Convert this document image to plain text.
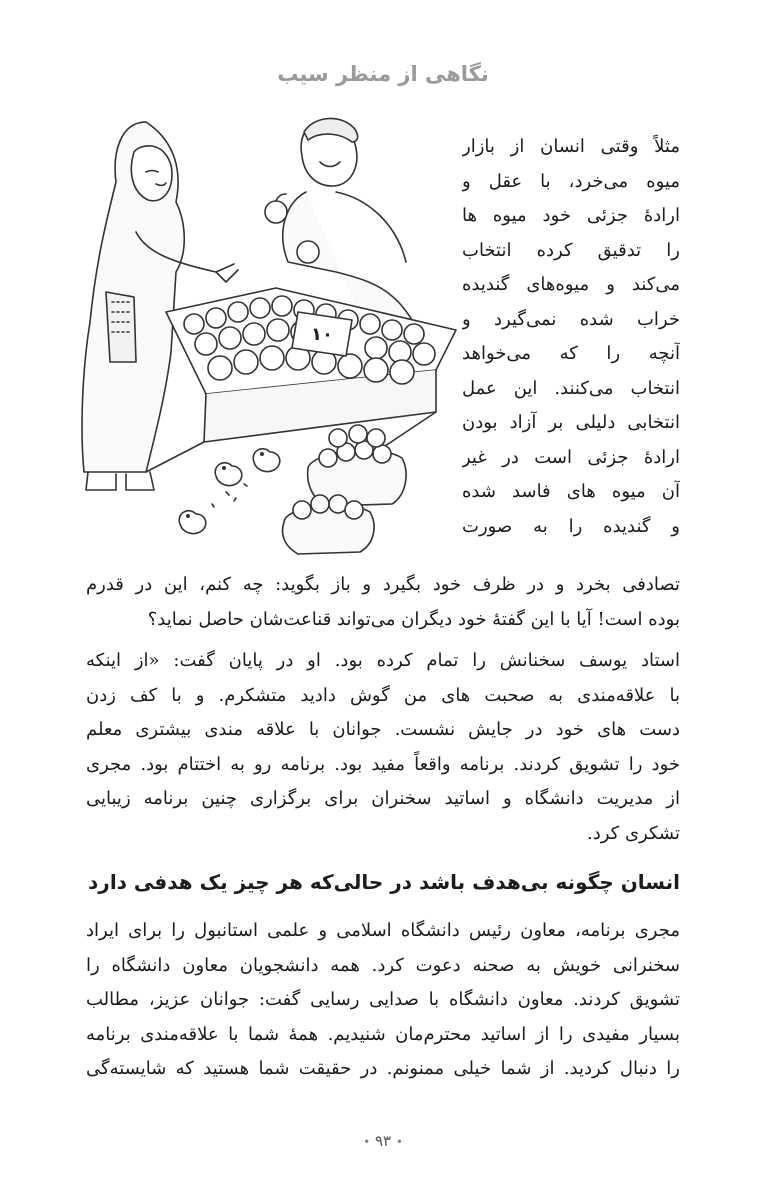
نگاهی از منظر سیب
۱۰
مثلاً وقتی انسان از بازار
میوه می‌خرد، با عقل و
ارادهٔ جزئی خود میوه ها
را تدقیق کرده انتخاب
می‌کند و میوه‌های گندیده
خراب شده نمی‌گیرد و
آنچه را که می‌خواهد
انتخاب می‌کنند. این عمل
انتخابی دلیلی بر آزاد بودن
ارادهٔ جزئی است در غیر
آن میوه های فاسد شده
و گندیده را به صورت
تصادفی بخرد و در ظرف خود بگیرد و باز بگوید: چه کنم، این در قدرم
بوده است! آیا با این گفتهٔ خود دیگران می‌تواند قناعت‌شان حاصل نماید؟
استاد یوسف سخنانش را تمام کرده بود. او در پایان گفت: «از اینکه
با علاقه‌مندی به صحبت های من گوش دادید متشکرم. و با کف زدن
دست های خود در جایش نشست. جوانان با علاقه مندی بیشتری معلم
خود را تشویق کردند. برنامه واقعاً مفید بود. برنامه رو به اختتام بود. مجری
از مدیریت دانشگاه و اساتید سخنران برای برگزاری چنین برنامه زیبایی
تشکری کرد.
انسان چگونه بی‌هدف باشد در حالی‌که هر چیز یک هدفی دارد
مجری برنامه، معاون رئیس دانشگاه اسلامی و علمی استانبول را برای ایراد
سخنرانی خویش به صحنه دعوت کرد. همه دانشجویان معاون دانشگاه را
تشویق کردند. معاون دانشگاه با صدایی رسایی گفت: جوانان عزیز، مطالب
بسیار مفیدی را از اساتید محترم‌مان شنیدیم. همهٔ شما با علاقه‌مندی برنامه
را دنبال کردید. از شما خیلی ممنونم. در حقیقت شما هستید که شایسته‌گی
• ۹۳ •
